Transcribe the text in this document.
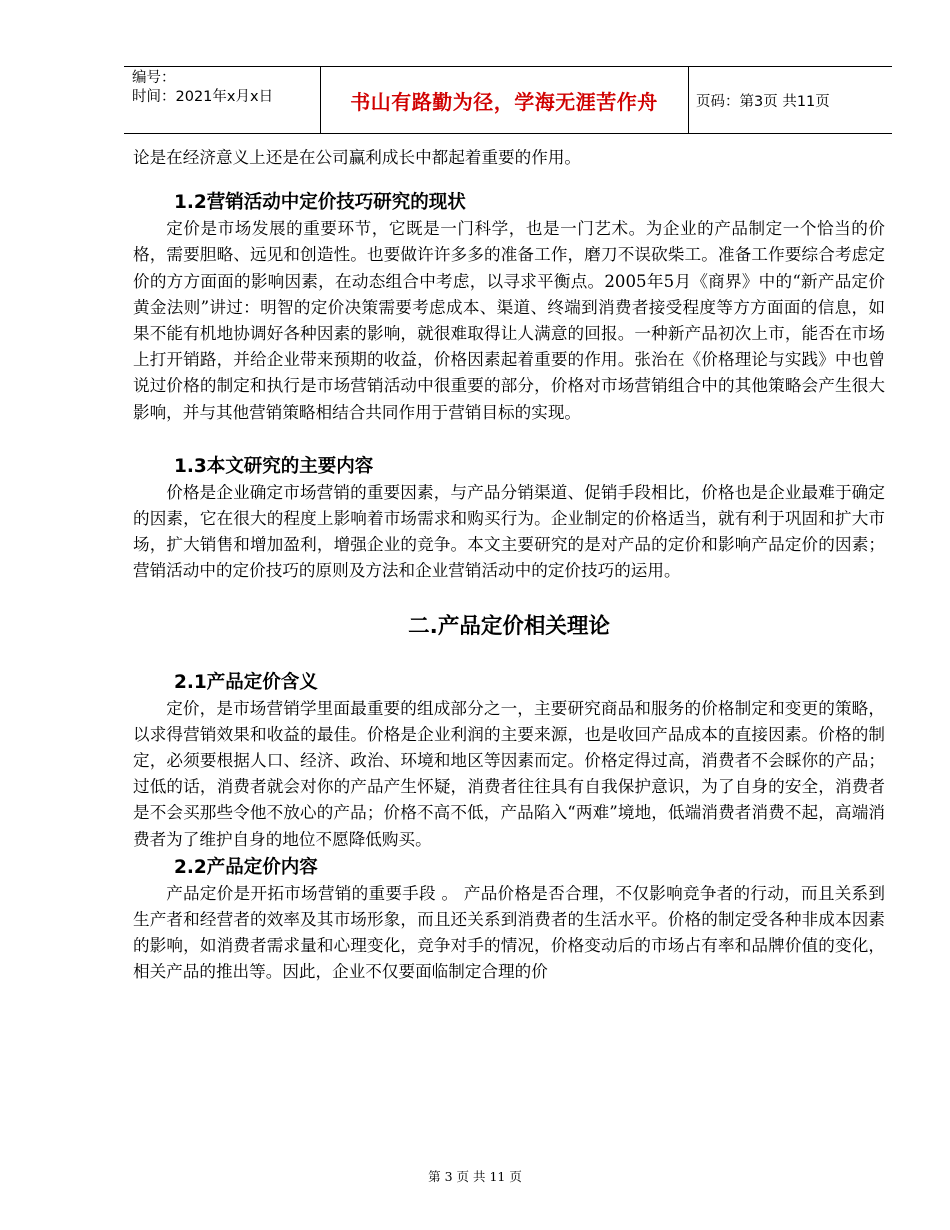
编号：
时间：2021年x月x日	书山有路勤为径，学海无涯苦作舟	页码：第3页 共11页

论是在经济意义上还是在公司赢利成长中都起着重要的作用。

1.2营销活动中定价技巧研究的现状

定价是市场发展的重要环节，它既是一门科学，也是一门艺术。为企业的产品制定一个恰当的价格，需要胆略、远见和创造性。也要做许许多多的准备工作，磨刀不误砍柴工。准备工作要综合考虑定价的方方面面的影响因素，在动态组合中考虑，以寻求平衡点。2005年5月《商界》中的“新产品定价黄金法则”讲过：明智的定价决策需要考虑成本、渠道、终端到消费者接受程度等方方面面的信息，如果不能有机地协调好各种因素的影响，就很难取得让人满意的回报。一种新产品初次上市，能否在市场上打开销路，并给企业带来预期的收益，价格因素起着重要的作用。张治在《价格理论与实践》中也曾说过价格的制定和执行是市场营销活动中很重要的部分，价格对市场营销组合中的其他策略会产生很大影响，并与其他营销策略相结合共同作用于营销目标的实现。

1.3本文研究的主要内容

价格是企业确定市场营销的重要因素，与产品分销渠道、促销手段相比，价格也是企业最难于确定的因素，它在很大的程度上影响着市场需求和购买行为。企业制定的价格适当，就有利于巩固和扩大市场，扩大销售和增加盈利，增强企业的竞争。本文主要研究的是对产品的定价和影响产品定价的因素；营销活动中的定价技巧的原则及方法和企业营销活动中的定价技巧的运用。

二.产品定价相关理论
2.1产品定价含义

定价，是市场营销学里面最重要的组成部分之一，主要研究商品和服务的价格制定和变更的策略，以求得营销效果和收益的最佳。价格是企业利润的主要来源，也是收回产品成本的直接因素。价格的制定，必须要根据人口、经济、政治、环境和地区等因素而定。价格定得过高，消费者不会睬你的产品；过低的话，消费者就会对你的产品产生怀疑，消费者往往具有自我保护意识，为了自身的安全，消费者是不会买那些令他不放心的产品；价格不高不低，产品陷入“两难”境地，低端消费者消费不起，高端消费者为了维护自身的地位不愿降低购买。

2.2产品定价内容

产品定价是开拓市场营销的重要手段 。 产品价格是否合理，不仅影响竞争者的行动，而且关系到生产者和经营者的效率及其市场形象，而且还关系到消费者的生活水平。价格的制定受各种非成本因素的影响，如消费者需求量和心理变化，竞争对手的情况，价格变动后的市场占有率和品牌价值的变化，相关产品的推出等。因此，企业不仅要面临制定合理的价

第 3 页 共 11 页
